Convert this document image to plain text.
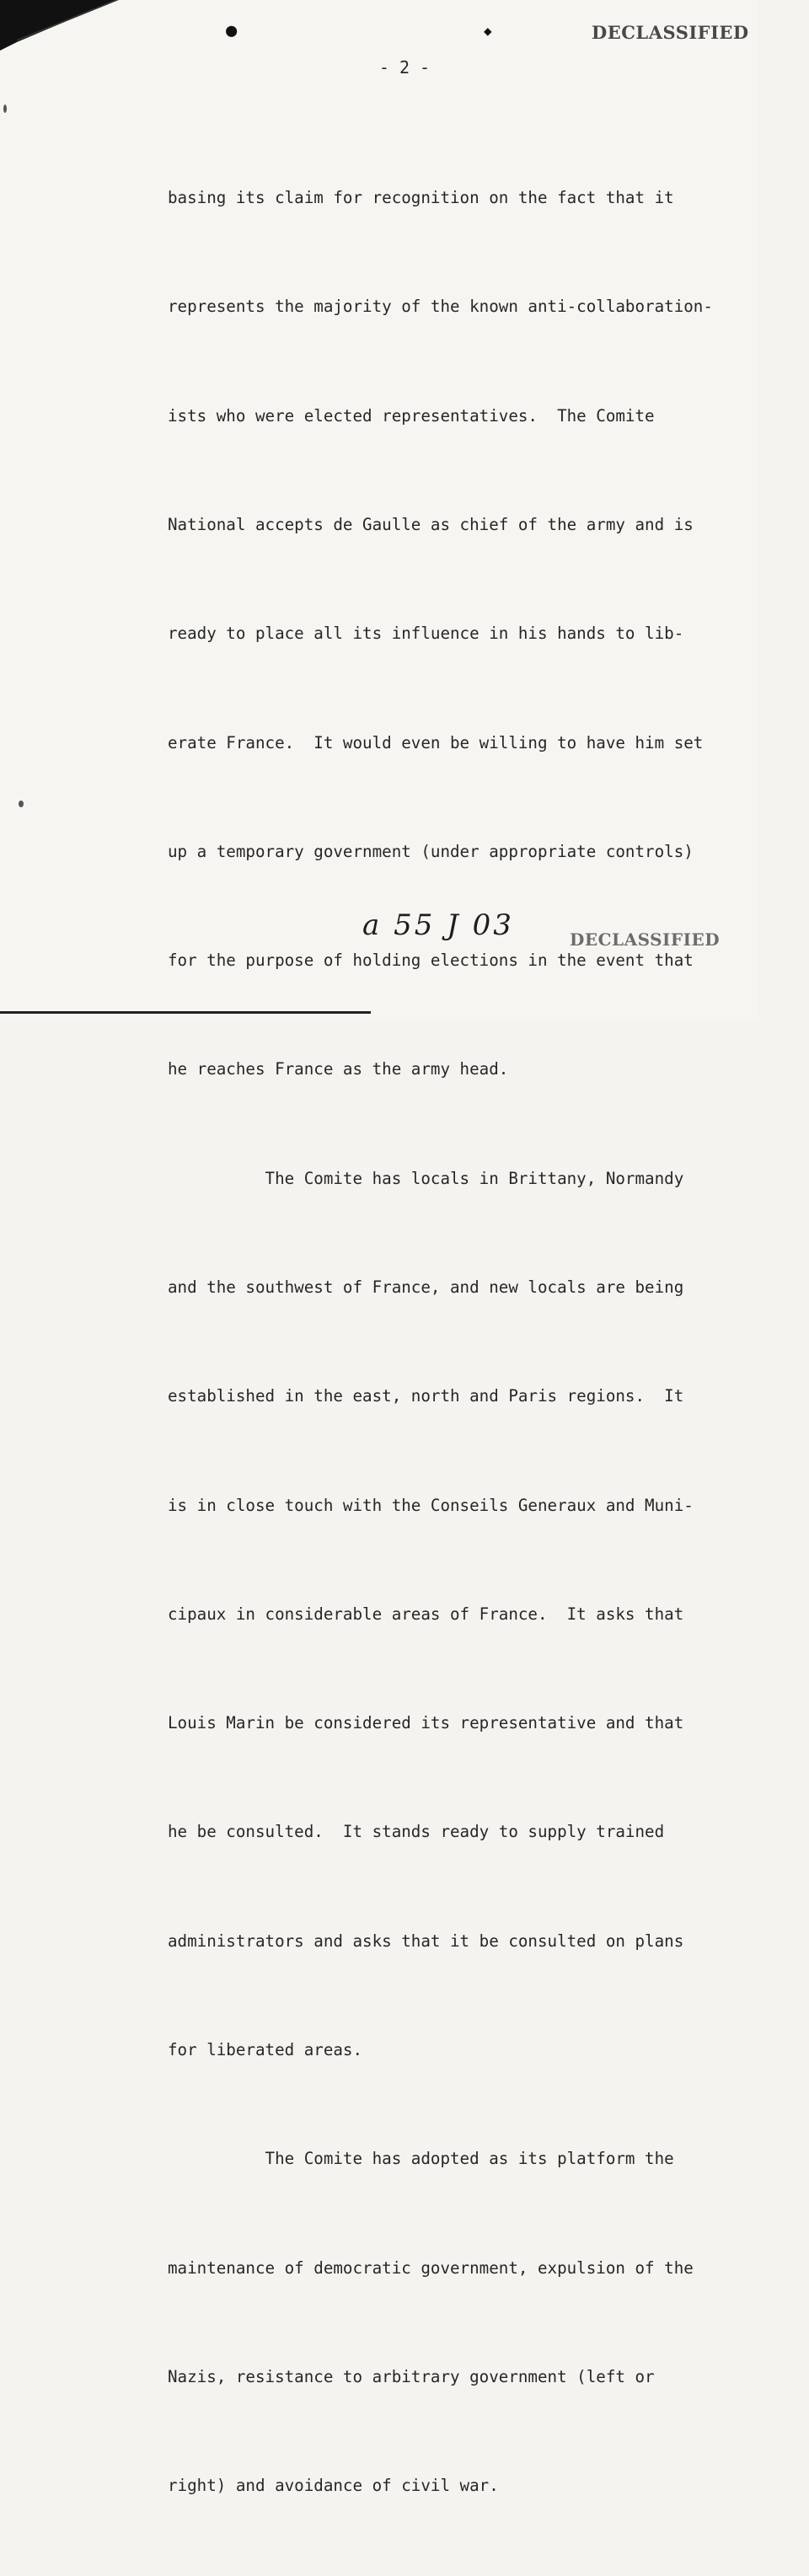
●	◆	DECLASSIFIED
- 2 -

basing its claim for recognition on the fact that it

represents the majority of the known anti-collaboration-

ists who were elected representatives.  The Comite

National accepts de Gaulle as chief of the army and is

ready to place all its influence in his hands to lib-

erate France.  It would even be willing to have him set

up a temporary government (under appropriate controls)

for the purpose of holding elections in the event that

he reaches France as the army head.

The Comite has locals in Brittany, Normandy

and the southwest of France, and new locals are being

established in the east, north and Paris regions.  It

is in close touch with the Conseils Generaux and Muni-

cipaux in considerable areas of France.  It asks that

Louis Marin be considered its representative and that

he be consulted.  It stands ready to supply trained

administrators and asks that it be consulted on plans

for liberated areas.

The Comite has adopted as its platform the

maintenance of democratic government, expulsion of the

Nazis, resistance to arbitrary government (left or

right) and avoidance of civil war.

a 55 J 03	DECLASSIFIED
